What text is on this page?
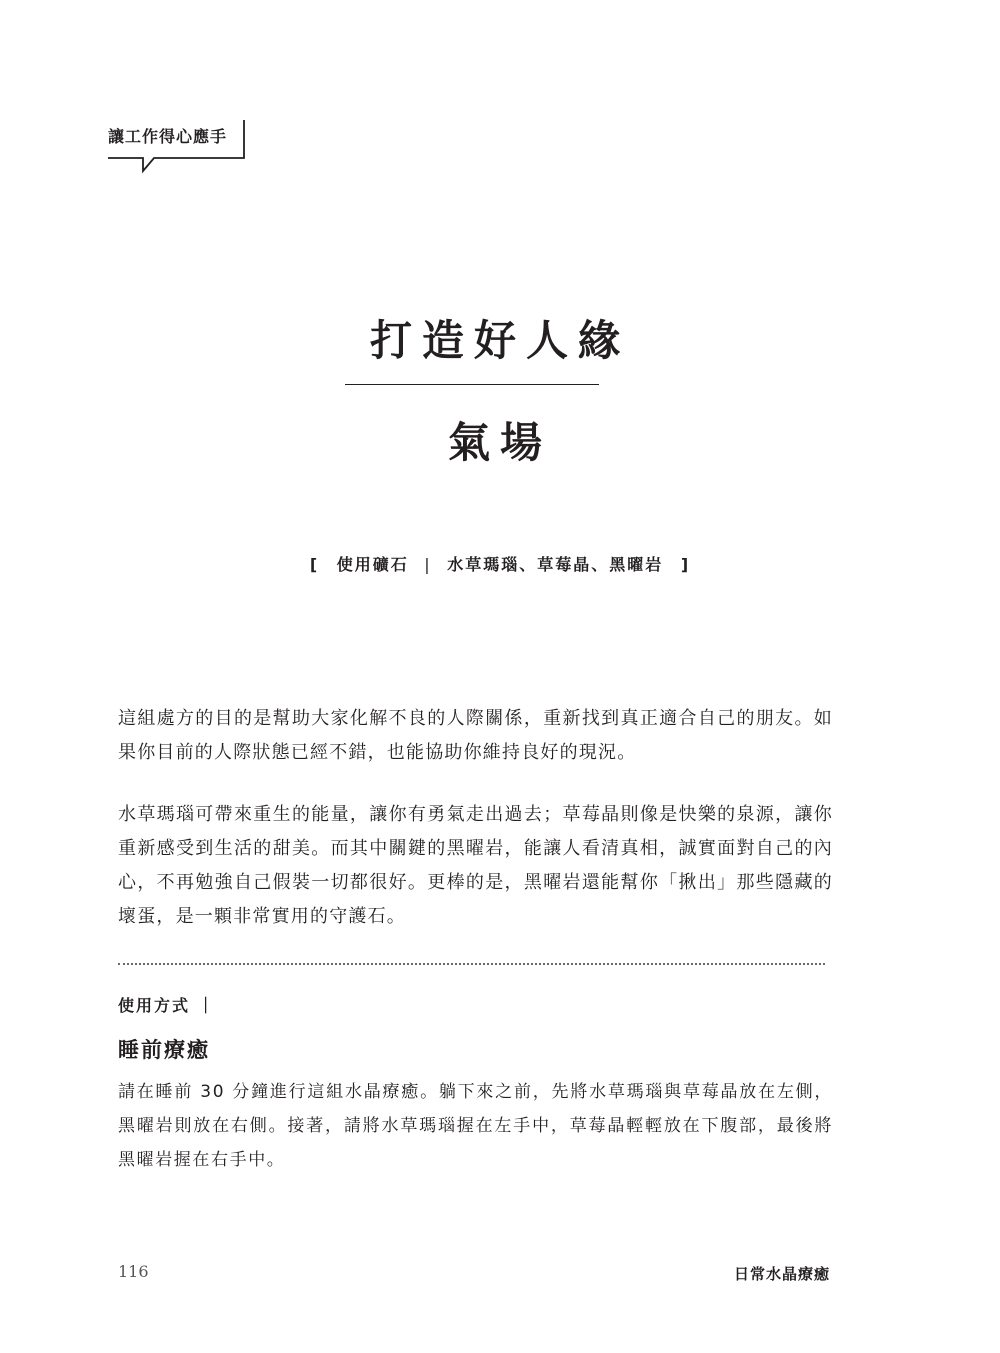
讓工作得心應手
打造好人緣
氣場
[ 使用礦石 | 水草瑪瑙、草莓晶、黑曜岩 ]

這組處方的目的是幫助大家化解不良的人際關係，重新找到真正適合自己的朋友。如果你目前的人際狀態已經不錯，也能協助你維持良好的現況。

水草瑪瑙可帶來重生的能量，讓你有勇氣走出過去；草莓晶則像是快樂的泉源，讓你重新感受到生活的甜美。而其中關鍵的黑曜岩，能讓人看清真相，誠實面對自己的內心，不再勉強自己假裝一切都很好。更棒的是，黑曜岩還能幫你「揪出」那些隱藏的壞蛋，是一顆非常實用的守護石。

使用方式 ｜
睡前療癒

請在睡前 30 分鐘進行這組水晶療癒。躺下來之前，先將水草瑪瑙與草莓晶放在左側，黑曜岩則放在右側。接著，請將水草瑪瑙握在左手中，草莓晶輕輕放在下腹部，最後將黑曜岩握在右手中。

116	日常水晶療癒
